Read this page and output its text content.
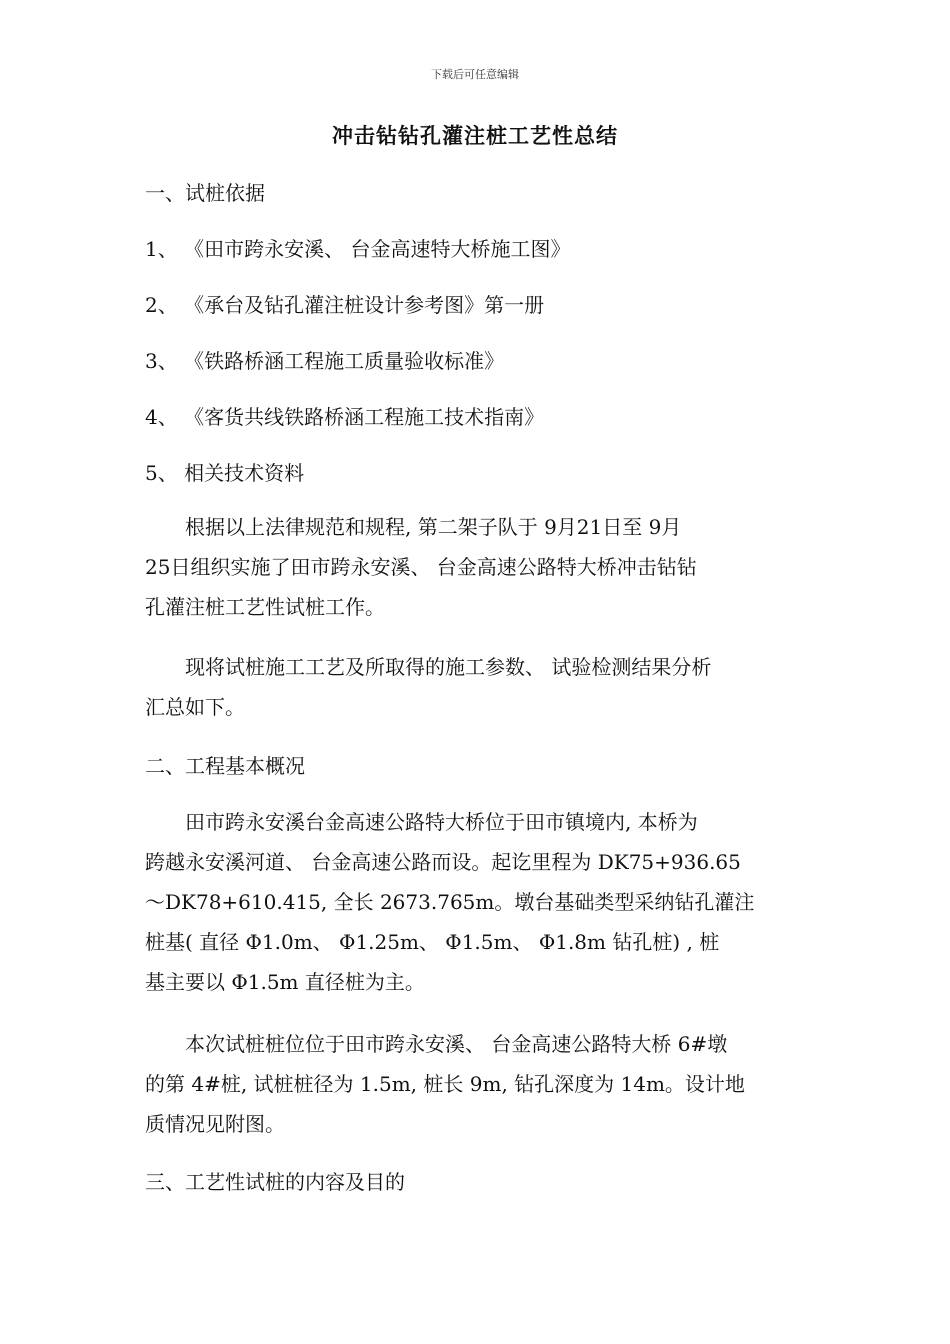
下载后可任意编辑
冲击钻钻孔灌注桩工艺性总结
一、试桩依据
1、 《田市跨永安溪、 台金高速特大桥施工图》
2、 《承台及钻孔灌注桩设计参考图》第一册
3、 《铁路桥涵工程施工质量验收标准》
4、 《客货共线铁路桥涵工程施工技术指南》
5、 相关技术资料
根据以上法律规范和规程, 第二架子队于 9月21日至 9月
25日组织实施了田市跨永安溪、 台金高速公路特大桥冲击钻钻
孔灌注桩工艺性试桩工作。
现将试桩施工工艺及所取得的施工参数、 试验检测结果分析
汇总如下。
二、工程基本概况
田市跨永安溪台金高速公路特大桥位于田市镇境内, 本桥为
跨越永安溪河道、 台金高速公路而设。起讫里程为 DK75+936.65
～DK78+610.415, 全长 2673.765m。墩台基础类型采纳钻孔灌注
桩基( 直径 Φ1.0m、 Φ1.25m、 Φ1.5m、 Φ1.8m 钻孔桩) , 桩
基主要以 Φ1.5m 直径桩为主。
本次试桩桩位位于田市跨永安溪、 台金高速公路特大桥 6#墩
的第 4#桩, 试桩桩径为 1.5m, 桩长 9m, 钻孔深度为 14m。设计地
质情况见附图。
三、工艺性试桩的内容及目的
